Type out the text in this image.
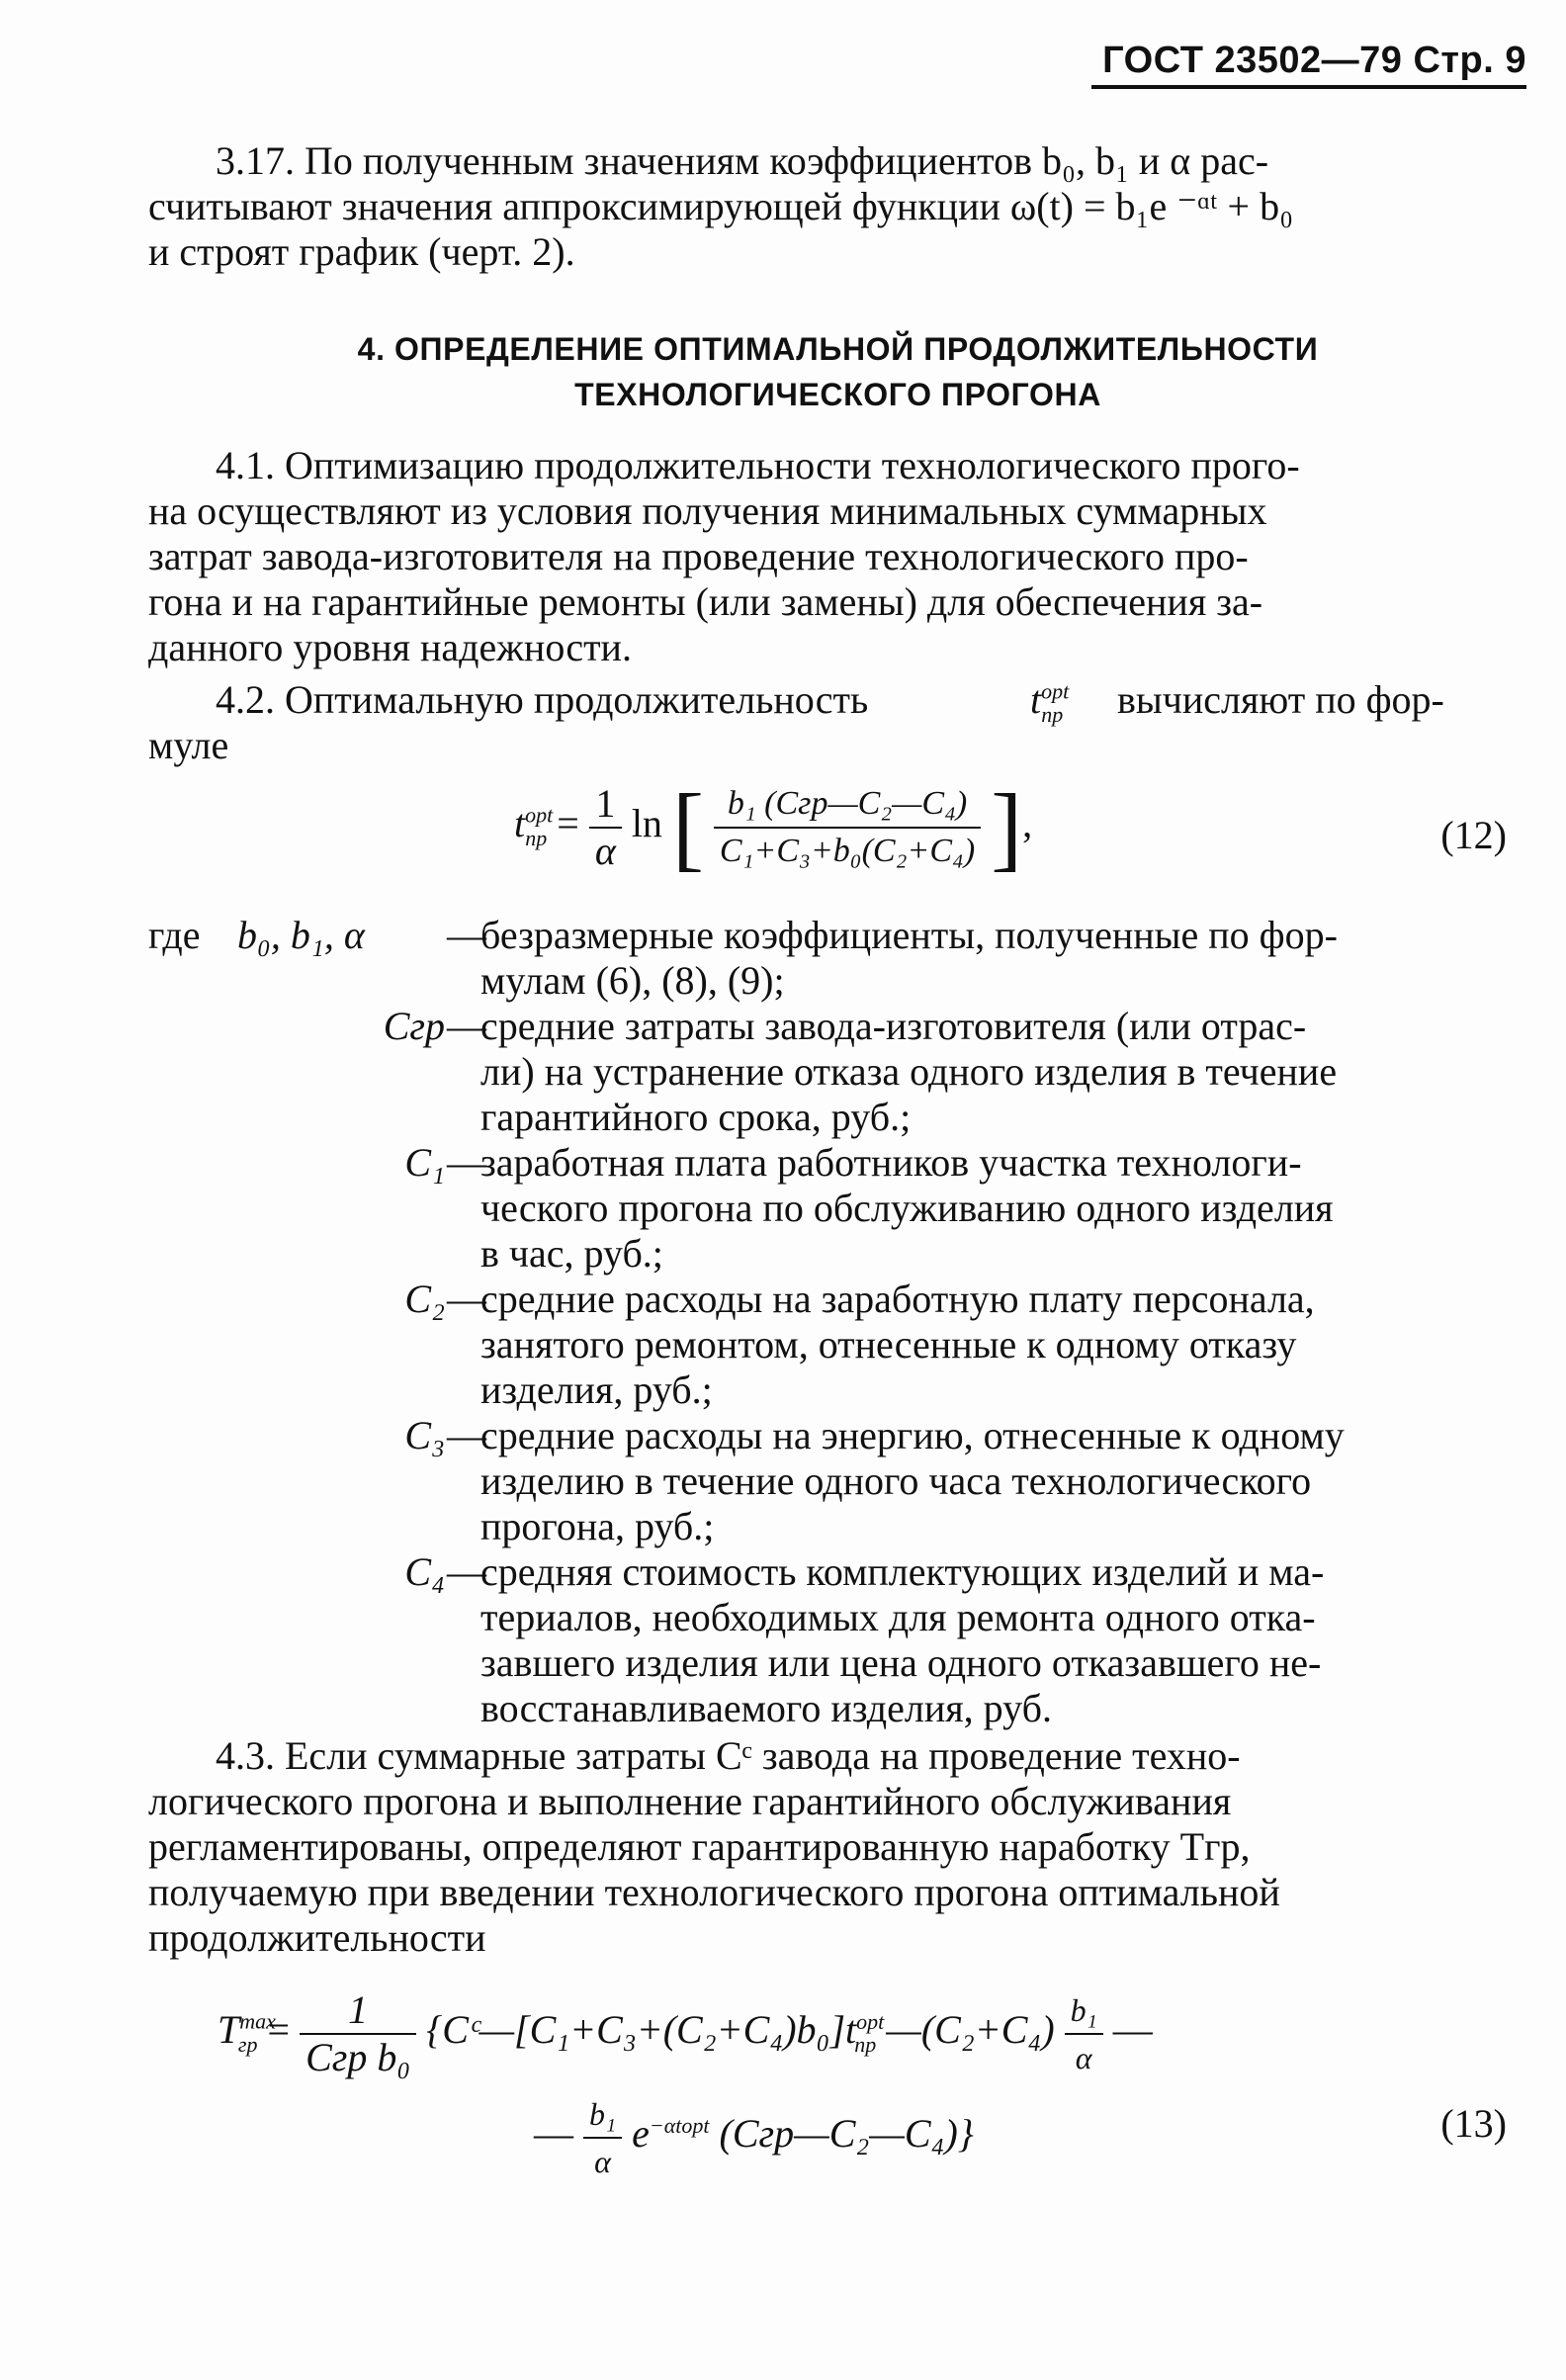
ГОСТ 23502—79 Стр. 9
3.17. По полученным значениям коэффициентов b₀, b₁ и α рас-
считывают значения аппроксимирующей функции ω(t) = b₁e ⁻ᵅᵗ + b₀
и строят график (черт. 2).
4. ОПРЕДЕЛЕНИЕ ОПТИМАЛЬНОЙ ПРОДОЛЖИТЕЛЬНОСТИ
ТЕХНОЛОГИЧЕСКОГО ПРОГОНА
4.1. Оптимизацию продолжительности технологического прого-
на осуществляют из условия получения минимальных суммарных
затрат завода-изготовителя на проведение технологического про-
гона и на гарантийные ремонты (или замены) для обеспечения за-
данного уровня надежности.
4.2. Оптимальную продолжительность	$t^{opt}_{пр}$ вычисляют по фор-
муле
$t^{opt}_{пр} = \frac{1}{\alpha}$ ln [ $\frac{\text{b₁ (Cгр—C₂—C₄)}}{\text{C₁+C₃+b₀(C₂+C₄)}}$ ],	(12)
где b₀, b₁, α —
безразмерные коэффициенты, полученные по фор-
мулам (6), (8), (9);
Cгр —
средние затраты завода-изготовителя (или отрас-
ли) на устранение отказа одного изделия в течение
гарантийного срока, руб.;
C₁ —
заработная плата работников участка технологи-
ческого прогона по обслуживанию одного изделия
в час, руб.;
C₂ —
средние расходы на заработную плату персонала,
занятого ремонтом, отнесенные к одному отказу
изделия, руб.;
C₃ —
средние расходы на энергию, отнесенные к одному
изделию в течение одного часа технологического
прогона, руб.;
C₄ —
средняя стоимость комплектующих изделий и ма-
териалов, необходимых для ремонта одного отка-
завшего изделия или цена одного отказавшего не-
восстанавливаемого изделия, руб.
4.3. Если суммарные затраты Cᶜ завода на проведение техно-
логического прогона и выполнение гарантийного обслуживания
регламентированы, определяют гарантированную наработку Tгр,
получаемую при введении технологического прогона оптимальной
продолжительности
$T^{max}_{гр} = \frac{1}{\text{Cгр b₀}}$ {$Cᶜ—[C_1+C_3+(C_2+C_4)b_0]t^{opt}_{пр}$ —(C₂+C₄) $\frac{\text{b₁}}{\alpha}$ —
— $\frac{\text{b₁}}{\alpha} e^{-\alpha topt}$ (Cгр—C₂—C₄)}	(13)
